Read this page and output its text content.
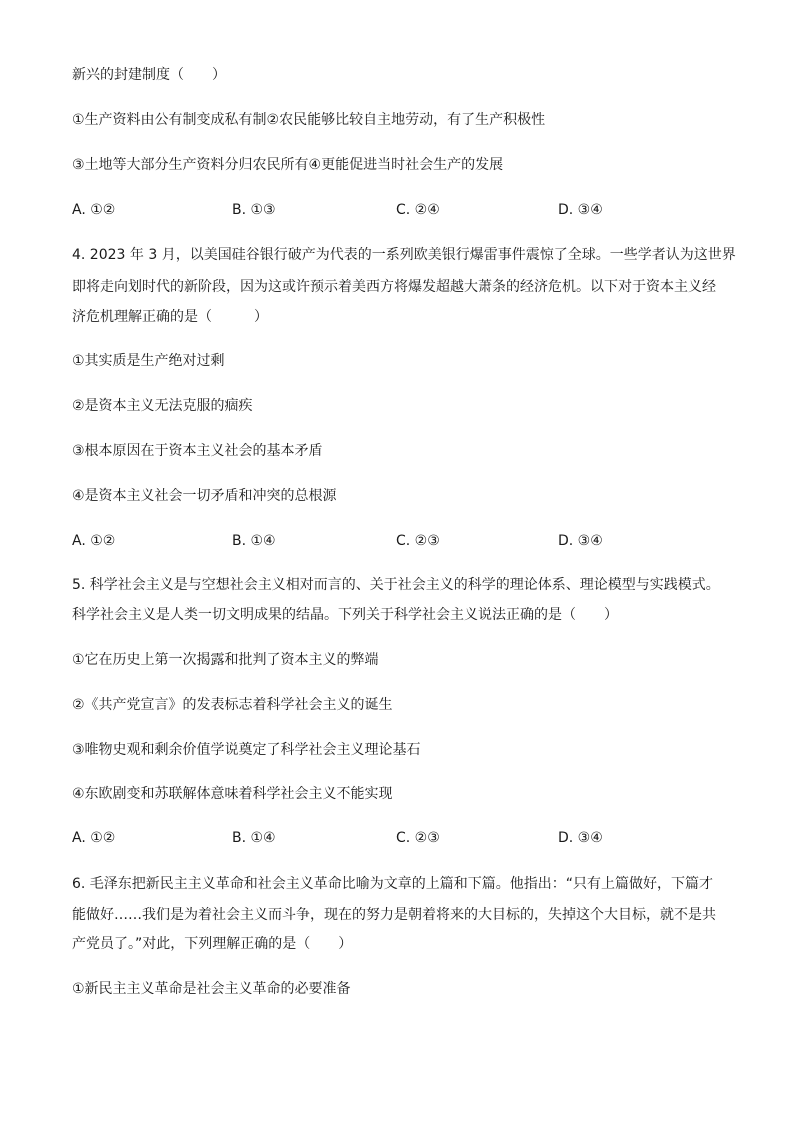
新兴的封建制度（　　）
①生产资料由公有制变成私有制②农民能够比较自主地劳动，有了生产积极性
③土地等大部分生产资料分归农民所有④更能促进当时社会生产的发展
A. ①②	B. ①③	C. ②④	D. ③④
4. 2023 年 3 月，以美国硅谷银行破产为代表的一系列欧美银行爆雷事件震惊了全球。一些学者认为这世界
即将走向划时代的新阶段，因为这或许预示着美西方将爆发超越大萧条的经济危机。以下对于资本主义经
济危机理解正确的是（　　　）
①其实质是生产绝对过剩
②是资本主义无法克服的痼疾
③根本原因在于资本主义社会的基本矛盾
④是资本主义社会一切矛盾和冲突的总根源
A. ①②	B. ①④	C. ②③	D. ③④
5. 科学社会主义是与空想社会主义相对而言的、关于社会主义的科学的理论体系、理论模型与实践模式。
科学社会主义是人类一切文明成果的结晶。下列关于科学社会主义说法正确的是（　　）
①它在历史上第一次揭露和批判了资本主义的弊端
②《共产党宣言》的发表标志着科学社会主义的诞生
③唯物史观和剩余价值学说奠定了科学社会主义理论基石
④东欧剧变和苏联解体意味着科学社会主义不能实现
A. ①②	B. ①④	C. ②③	D. ③④
6. 毛泽东把新民主主义革命和社会主义革命比喻为文章的上篇和下篇。他指出：“只有上篇做好，下篇才
能做好……我们是为着社会主义而斗争，现在的努力是朝着将来的大目标的，失掉这个大目标，就不是共
产党员了。”对此，下列理解正确的是（　　）
①新民主主义革命是社会主义革命的必要准备
